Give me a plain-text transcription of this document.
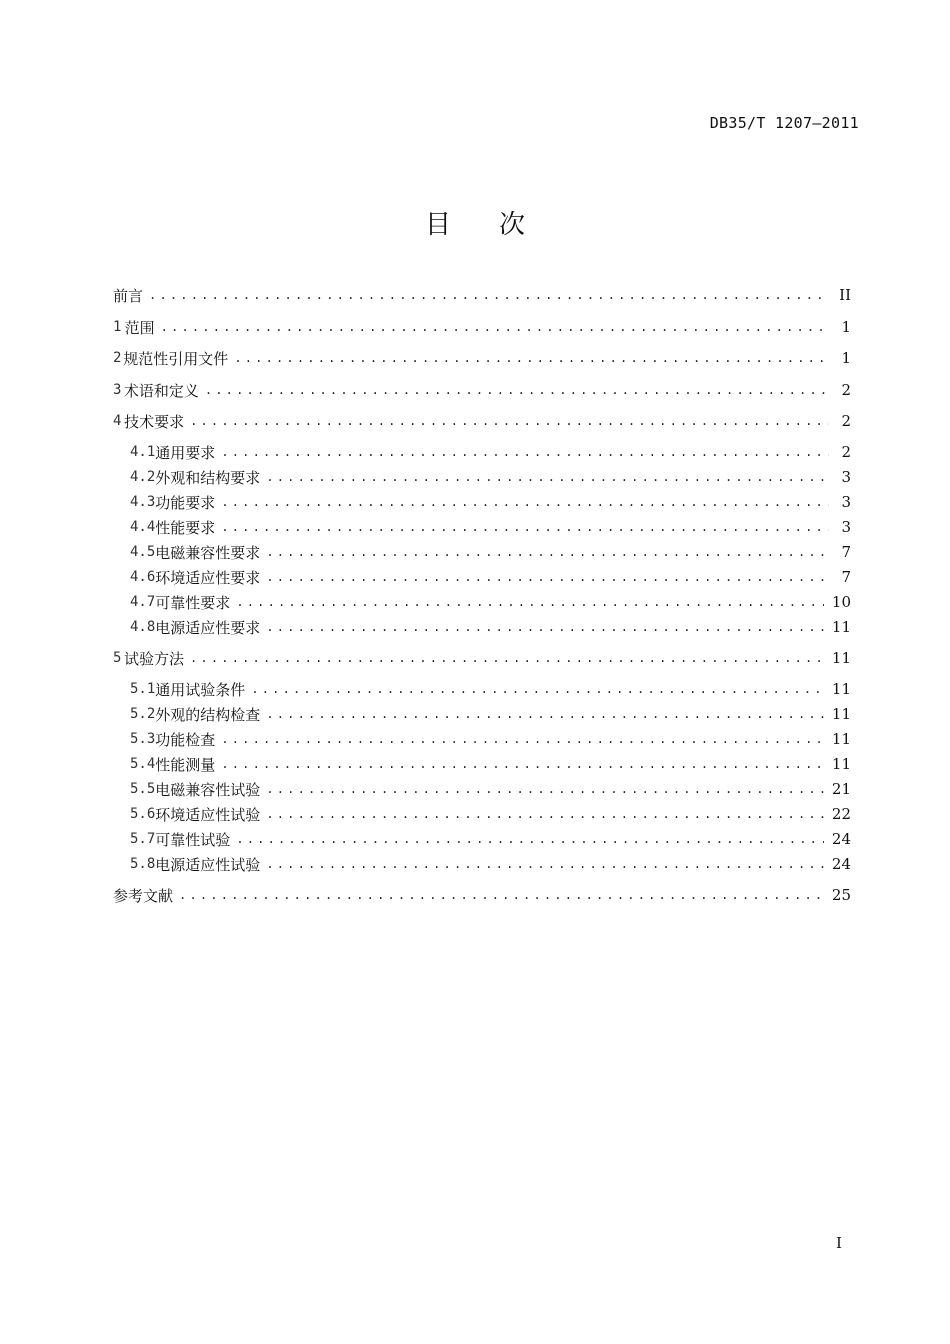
DB35/T 1207—2011
目 次
前言 .....	II
1 范围 .....	1
2 规范性引用文件 .....	1
3 术语和定义 .....	2
4 技术要求 .....	2
4.1 通用要求 .....	2
4.2 外观和结构要求 .....	3
4.3 功能要求 .....	3
4.4 性能要求 .....	3
4.5 电磁兼容性要求 .....	7
4.6 环境适应性要求 .....	7
4.7 可靠性要求 .....	10
4.8 电源适应性要求 .....	11
5 试验方法 .....	11
5.1 通用试验条件 .....	11
5.2 外观的结构检查 .....	11
5.3 功能检查 .....	11
5.4 性能测量 .....	11
5.5 电磁兼容性试验 .....	21
5.6 环境适应性试验 .....	22
5.7 可靠性试验 .....	24
5.8 电源适应性试验 .....	24
参考文献 .....	25
I
